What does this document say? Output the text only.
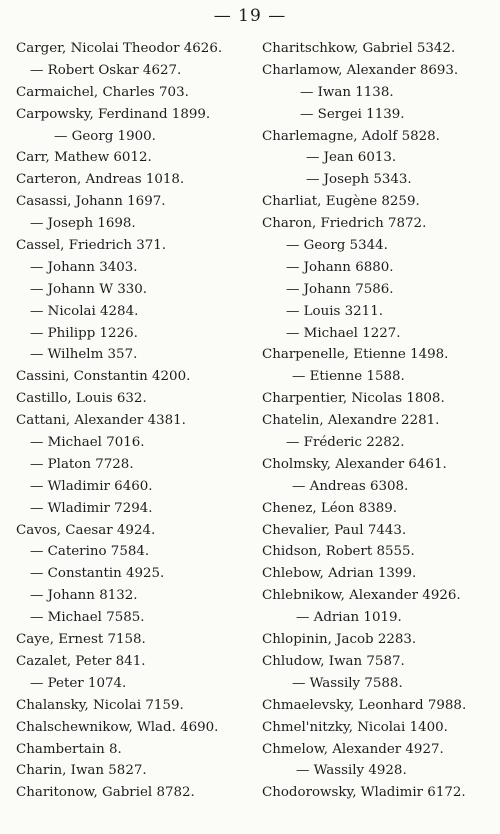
— 19 —
Carger, Nicolai Theodor 4626.
— Robert Oskar 4627.
Carmaichel, Charles 703.
Carpowsky, Ferdinand 1899.
— Georg 1900.
Carr, Mathew 6012.
Carteron, Andreas 1018.
Casassi, Johann 1697.
— Joseph 1698.
Cassel, Friedrich 371.
— Johann 3403.
— Johann W 330.
— Nicolai 4284.
— Philipp 1226.
— Wilhelm 357.
Cassini, Constantin 4200.
Castillo, Louis 632.
Cattani, Alexander 4381.
— Michael 7016.
— Platon 7728.
— Wladimir 6460.
— Wladimir 7294.
Cavos, Caesar 4924.
— Caterino 7584.
— Constantin 4925.
— Johann 8132.
— Michael 7585.
Caye, Ernest 7158.
Cazalet, Peter 841.
— Peter 1074.
Chalansky, Nicolai 7159.
Chalschewnikow, Wlad. 4690.
Chambertain 8.
Charin, Iwan 5827.
Charitonow, Gabriel 8782.
Charitschkow, Gabriel 5342.
Charlamow, Alexander 8693.
— Iwan 1138.
— Sergei 1139.
Charlemagne, Adolf 5828.
— Jean 6013.
— Joseph 5343.
Charliat, Eugène 8259.
Charon, Friedrich 7872.
— Georg 5344.
— Johann 6880.
— Johann 7586.
— Louis 3211.
— Michael 1227.
Charpenelle, Etienne 1498.
— Etienne 1588.
Charpentier, Nicolas 1808.
Chatelin, Alexandre 2281.
— Fréderic 2282.
Cholmsky, Alexander 6461.
— Andreas 6308.
Chenez, Léon 8389.
Chevalier, Paul 7443.
Chidson, Robert 8555.
Chlebow, Adrian 1399.
Chlebnikow, Alexander 4926.
— Adrian 1019.
Chlopinin, Jacob 2283.
Chludow, Iwan 7587.
— Wassily 7588.
Chmaelevsky, Leonhard 7988.
Chmel'nitzky, Nicolai 1400.
Chmelow, Alexander 4927.
— Wassily 4928.
Chodorowsky, Wladimir 6172.
